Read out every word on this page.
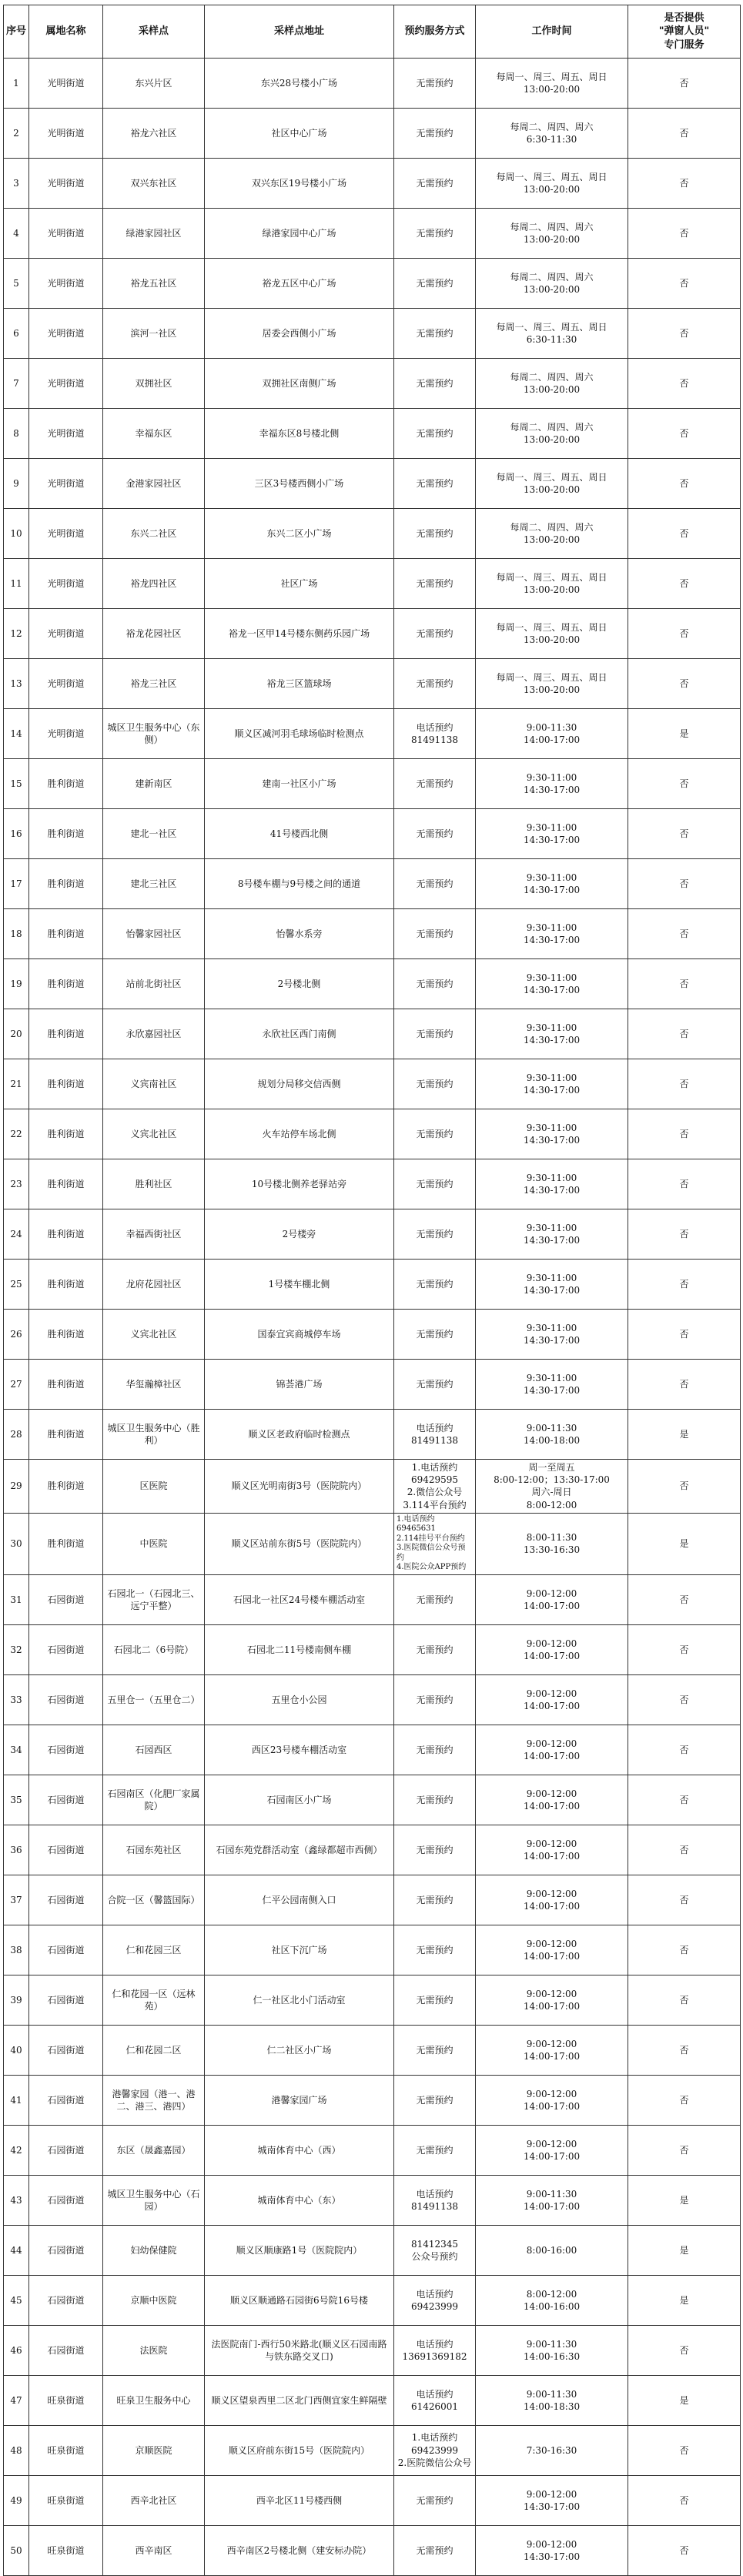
序号	属地名称	采样点	采样点地址	预约服务方式	工作时间	是否提供
"弹窗人员"
专门服务
1	光明街道	东兴片区	东兴28号楼小广场	无需预约	每周一、周三、周五、周日
13:00-20:00	否
2	光明街道	裕龙六社区	社区中心广场	无需预约	每周二、周四、周六
6:30-11:30	否
3	光明街道	双兴东社区	双兴东区19号楼小广场	无需预约	每周一、周三、周五、周日
13:00-20:00	否
4	光明街道	绿港家园社区	绿港家园中心广场	无需预约	每周二、周四、周六
13:00-20:00	否
5	光明街道	裕龙五社区	裕龙五区中心广场	无需预约	每周二、周四、周六
13:00-20:00	否
6	光明街道	滨河一社区	居委会西侧小广场	无需预约	每周一、周三、周五、周日
6:30-11:30	否
7	光明街道	双拥社区	双拥社区南侧广场	无需预约	每周二、周四、周六
13:00-20:00	否
8	光明街道	幸福东区	幸福东区8号楼北侧	无需预约	每周二、周四、周六
13:00-20:00	否
9	光明街道	金港家园社区	三区3号楼西侧小广场	无需预约	每周一、周三、周五、周日
13:00-20:00	否
10	光明街道	东兴二社区	东兴二区小广场	无需预约	每周二、周四、周六
13:00-20:00	否
11	光明街道	裕龙四社区	社区广场	无需预约	每周一、周三、周五、周日
13:00-20:00	否
12	光明街道	裕龙花园社区	裕龙一区甲14号楼东侧药乐园广场	无需预约	每周一、周三、周五、周日
13:00-20:00	否
13	光明街道	裕龙三社区	裕龙三区篮球场	无需预约	每周一、周三、周五、周日
13:00-20:00	否
14	光明街道	城区卫生服务中心（东侧）	顺义区减河羽毛球场临时检测点	电话预约
81491138	9:00-11:30
14:00-17:00	是
15	胜利街道	建新南区	建南一社区小广场	无需预约	9:30-11:00
14:30-17:00	否
16	胜利街道	建北一社区	41号楼西北侧	无需预约	9:30-11:00
14:30-17:00	否
17	胜利街道	建北三社区	8号楼车棚与9号楼之间的通道	无需预约	9:30-11:00
14:30-17:00	否
18	胜利街道	怡馨家园社区	怡馨水系旁	无需预约	9:30-11:00
14:30-17:00	否
19	胜利街道	站前北街社区	2号楼北侧	无需预约	9:30-11:00
14:30-17:00	否
20	胜利街道	永欣嘉园社区	永欣社区西门南侧	无需预约	9:30-11:00
14:30-17:00	否
21	胜利街道	义宾南社区	规划分局移交信西侧	无需预约	9:30-11:00
14:30-17:00	否
22	胜利街道	义宾北社区	火车站停车场北侧	无需预约	9:30-11:00
14:30-17:00	否
23	胜利街道	胜利社区	10号楼北侧养老驿站旁	无需预约	9:30-11:00
14:30-17:00	否
24	胜利街道	幸福西街社区	2号楼旁	无需预约	9:30-11:00
14:30-17:00	否
25	胜利街道	龙府花园社区	1号楼车棚北侧	无需预约	9:30-11:00
14:30-17:00	否
26	胜利街道	义宾北社区	国泰宜宾商城停车场	无需预约	9:30-11:00
14:30-17:00	否
27	胜利街道	华玺瀚樟社区	锦荟港广场	无需预约	9:30-11:00
14:30-17:00	否
28	胜利街道	城区卫生服务中心（胜利）	顺义区老政府临时检测点	电话预约
81491138	9:00-11:30
14:00-18:00	是
29	胜利街道	区医院	顺义区光明南街3号（医院院内）	1.电话预约
69429595
2.微信公众号
3.114平台预约	周一至周五
8:00-12:00；13:30-17:00
周六-周日
8:00-12:00	否
30	胜利街道	中医院	顺义区站前东街5号（医院院内）	1.电话预约69465631
2.114挂号平台预约
3.医院微信公众号预约
4.医院公众APP预约	8:00-11:30
13:30-16:30	是
31	石园街道	石园北一（石园北三、远宁平整）	石园北一社区24号楼车棚活动室	无需预约	9:00-12:00
14:00-17:00	否
32	石园街道	石园北二（6号院）	石园北二11号楼南侧车棚	无需预约	9:00-12:00
14:00-17:00	否
33	石园街道	五里仓一（五里仓二）	五里仓小公园	无需预约	9:00-12:00
14:00-17:00	否
34	石园街道	石园西区	西区23号楼车棚活动室	无需预约	9:00-12:00
14:00-17:00	否
35	石园街道	石园南区（化肥厂家属院）	石园南区小广场	无需预约	9:00-12:00
14:00-17:00	否
36	石园街道	石园东苑社区	石园东苑党群活动室（鑫绿都超市西侧）	无需预约	9:00-12:00
14:00-17:00	否
37	石园街道	合院一区（馨篮国际）	仁平公园南侧入口	无需预约	9:00-12:00
14:00-17:00	否
38	石园街道	仁和花园三区	社区下沉广场	无需预约	9:00-12:00
14:00-17:00	否
39	石园街道	仁和花园一区（远林苑）	仁一社区北小门活动室	无需预约	9:00-12:00
14:00-17:00	否
40	石园街道	仁和花园二区	仁二社区小广场	无需预约	9:00-12:00
14:00-17:00	否
41	石园街道	港馨家园（港一、港二、港三、港四）	港馨家园广场	无需预约	9:00-12:00
14:00-17:00	否
42	石园街道	东区（晟鑫嘉园）	城南体育中心（西）	无需预约	9:00-12:00
14:00-17:00	否
43	石园街道	城区卫生服务中心（石园）	城南体育中心（东）	电话预约
81491138	9:00-11:30
14:00-17:00	是
44	石园街道	妇幼保健院	顺义区顺康路1号（医院院内）	81412345
公众号预约	8:00-16:00	是
45	石园街道	京顺中医院	顺义区顺通路石园街6号院16号楼	电话预约
69423999	8:00-12:00
14:00-16:00	是
46	石园街道	法医院	法医院南门-西行50米路北(顺义区石园南路与铁东路交叉口)	电话预约
13691369182	9:00-11:30
14:00-16:30	否
47	旺泉街道	旺泉卫生服务中心	顺义区望泉西里二区北门西侧宜家生鲜隔壁	电话预约
61426001	9:00-11:30
14:00-18:30	是
48	旺泉街道	京顺医院	顺义区府前东街15号（医院院内）	1.电话预约
69423999
2.医院微信公众号	7:30-16:30	否
49	旺泉街道	西辛北社区	西辛北区11号楼西侧	无需预约	9:00-12:00
14:30-17:00	否
50	旺泉街道	西辛南区	西辛南区2号楼北侧（建安标办院）	无需预约	9:00-12:00
14:30-17:00	否
